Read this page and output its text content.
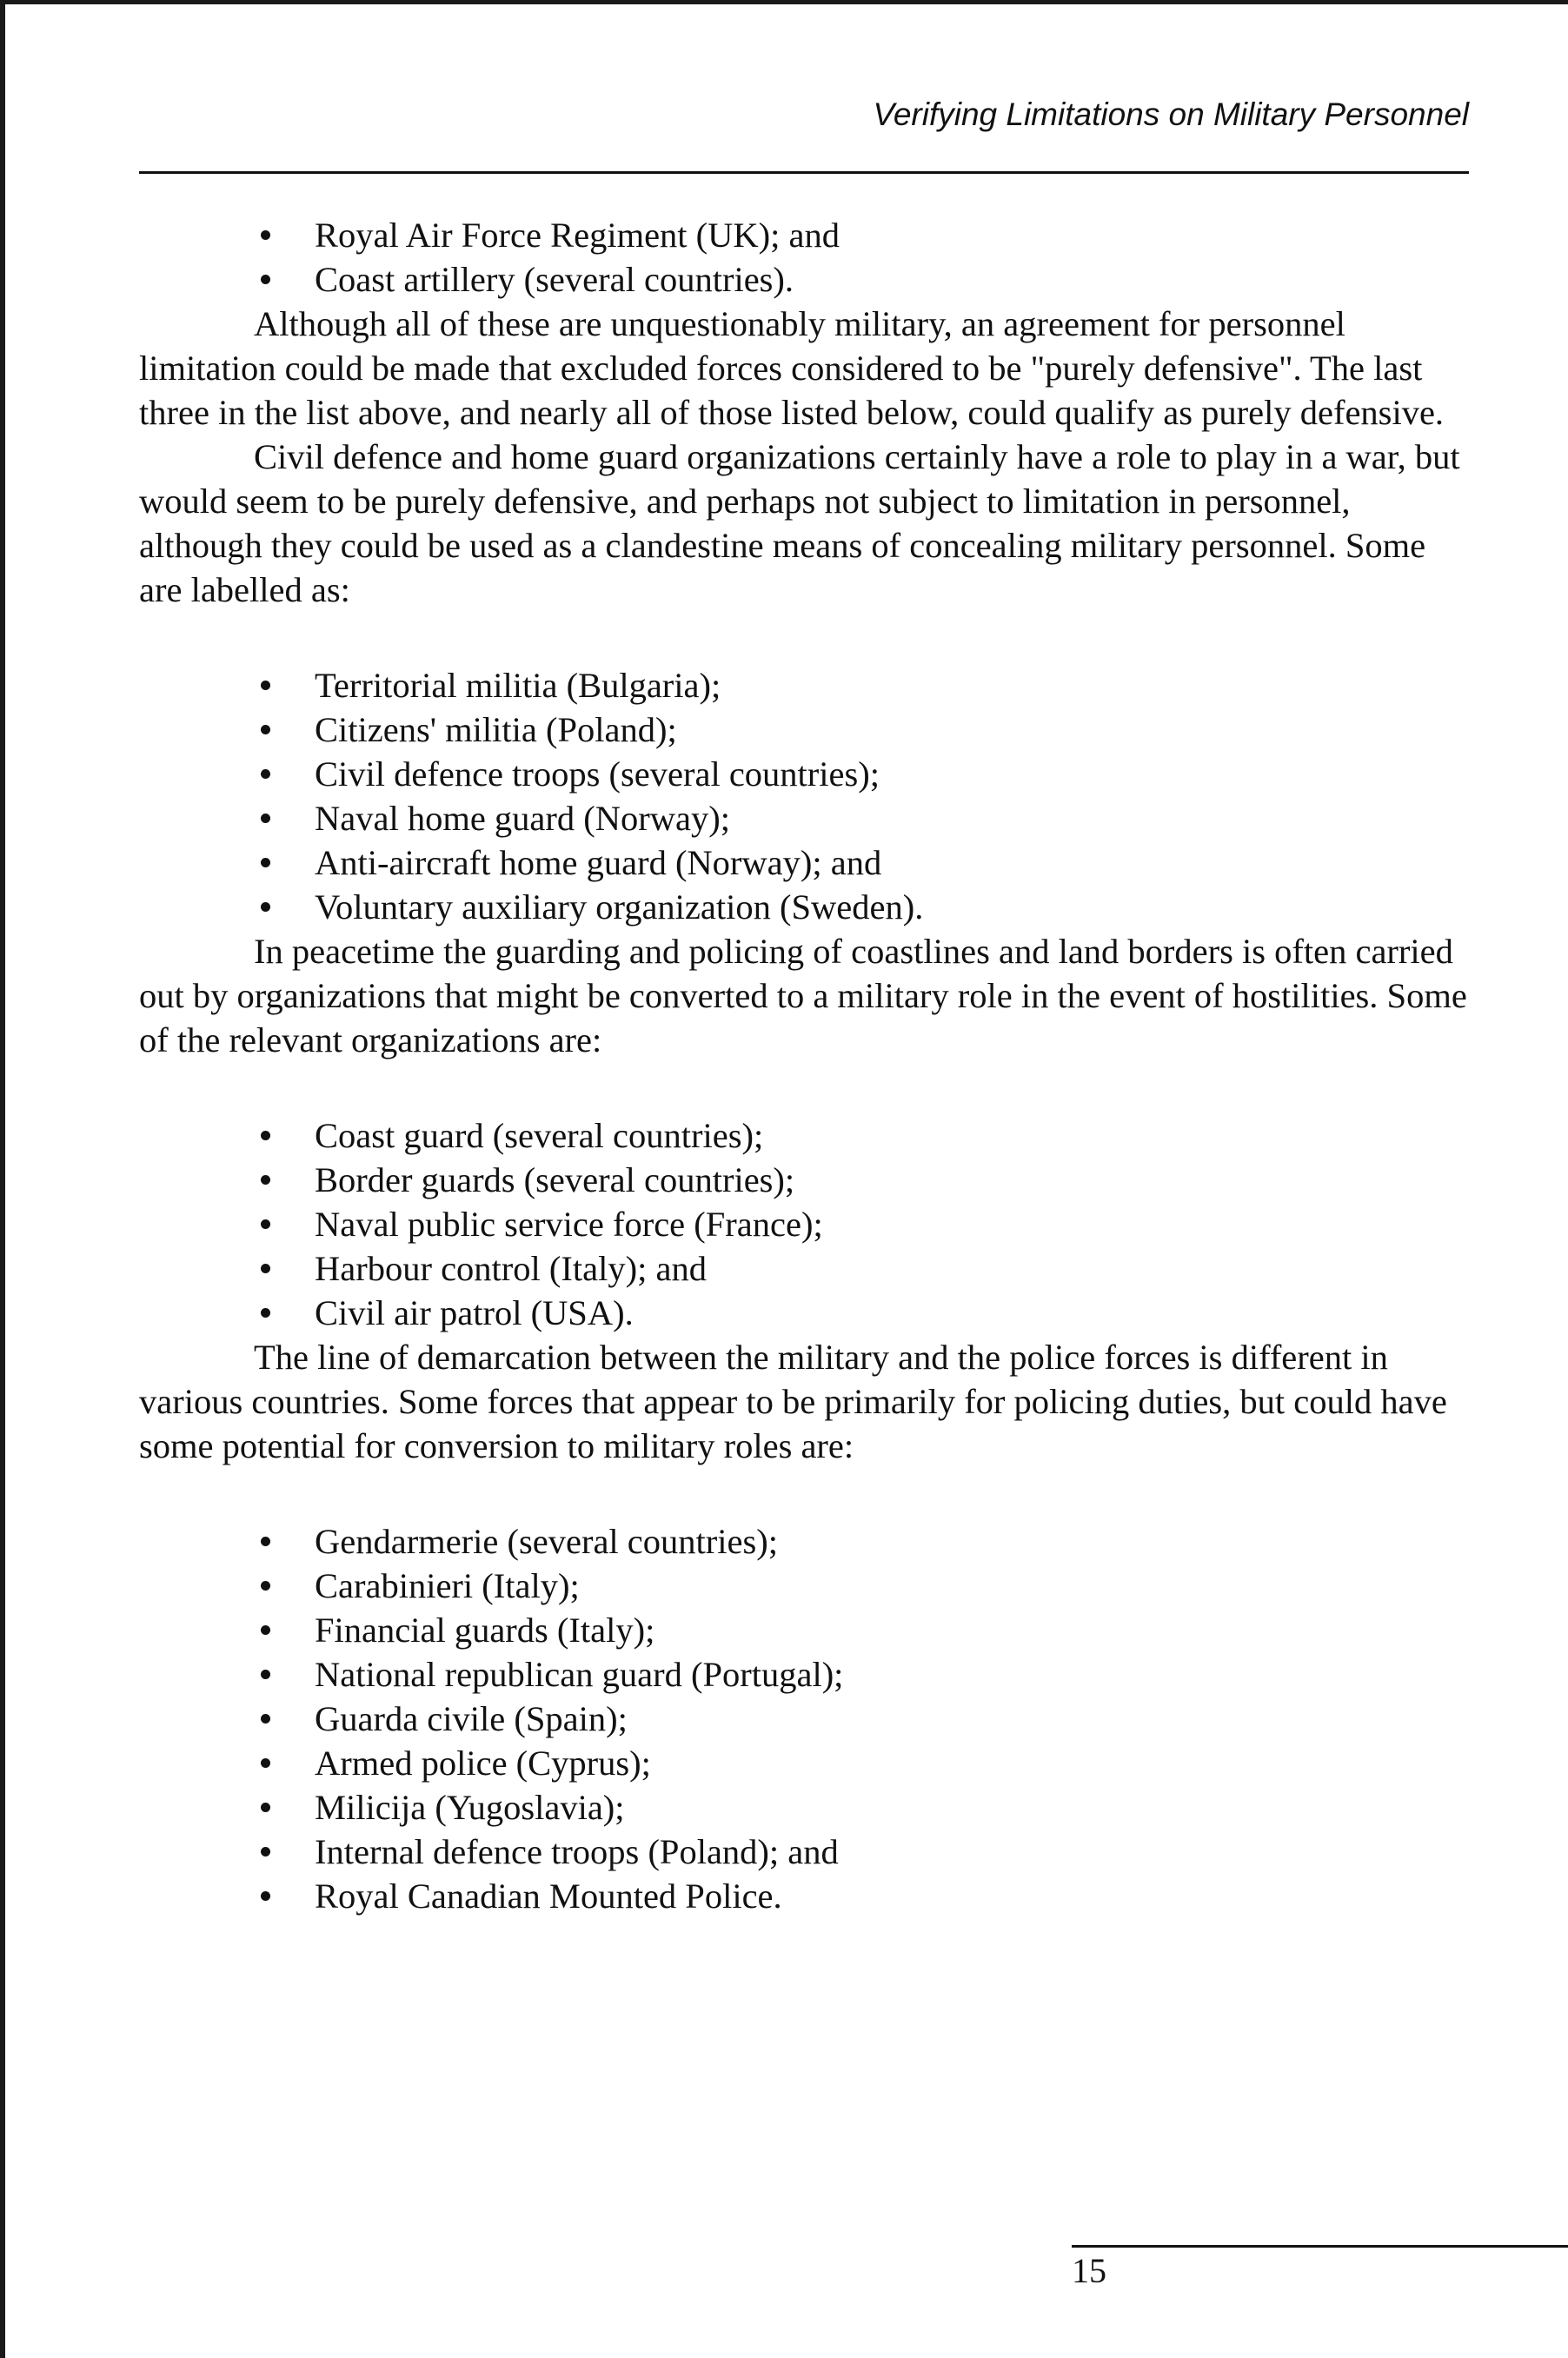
Verifying Limitations on Military Personnel
Royal Air Force Regiment (UK); and
Coast artillery (several countries).

Although all of these are unquestionably military, an agreement for personnel limitation could be made that excluded forces considered to be "purely defensive". The last three in the list above, and nearly all of those listed below, could qualify as purely defensive.

Civil defence and home guard organizations certainly have a role to play in a war, but would seem to be purely defensive, and perhaps not subject to limitation in personnel, although they could be used as a clandestine means of concealing military personnel. Some are labelled as:

Territorial militia (Bulgaria);
Citizens' militia (Poland);
Civil defence troops (several countries);
Naval home guard (Norway);
Anti-aircraft home guard (Norway); and
Voluntary auxiliary organization (Sweden).

In peacetime the guarding and policing of coastlines and land borders is often carried out by organizations that might be converted to a military role in the event of hostilities. Some of the relevant organizations are:

Coast guard (several countries);
Border guards (several countries);
Naval public service force (France);
Harbour control (Italy); and
Civil air patrol (USA).

The line of demarcation between the military and the police forces is different in various countries. Some forces that appear to be primarily for policing duties, but could have some potential for conversion to military roles are:

Gendarmerie (several countries);
Carabinieri (Italy);
Financial guards (Italy);
National republican guard (Portugal);
Guarda civile (Spain);
Armed police (Cyprus);
Milicija (Yugoslavia);
Internal defence troops (Poland); and
Royal Canadian Mounted Police.
15
